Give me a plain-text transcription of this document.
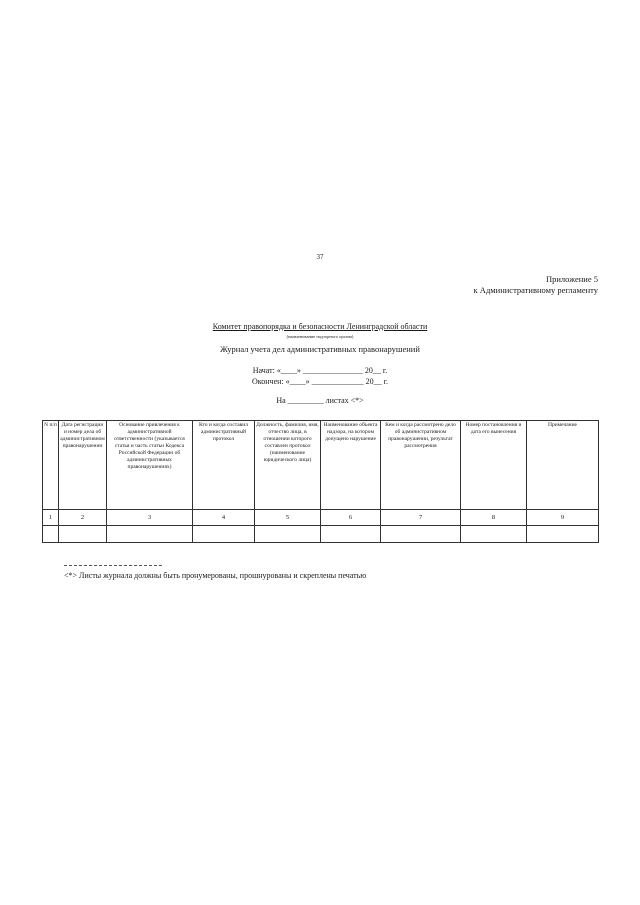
37
Приложение 5
к Административному регламенту
Комитет правопорядка и безопасности Ленинградской области
(наименование надзорного органа)
Журнал учета дел административных правонарушений
Начат: «____» _______________ 20__ г.
Окончен: «____» _____________ 20__ г.
На _________ листах <*>
N п/п	Дата регистрации и номер дела об административном правонарушении	Основание привлечения к административной ответственности (указывается статья и часть статьи Кодекса Российской Федерации об административных правонарушениях)	Кто и когда составил административный протокол	Должность, фамилия, имя, отчество лица, в отношении которого составлен протокол (наименование юридического лица)	Наименование объекта надзора, на котором допущено нарушение	Кем и когда рассмотрено дело об административном правонарушении, результат рассмотрения	Номер постановления и дата его вынесения	Примечание
1	2	3	4	5	6	7	8	9

<*> Листы журнала должны быть пронумерованы, прошнурованы и скреплены печатью
